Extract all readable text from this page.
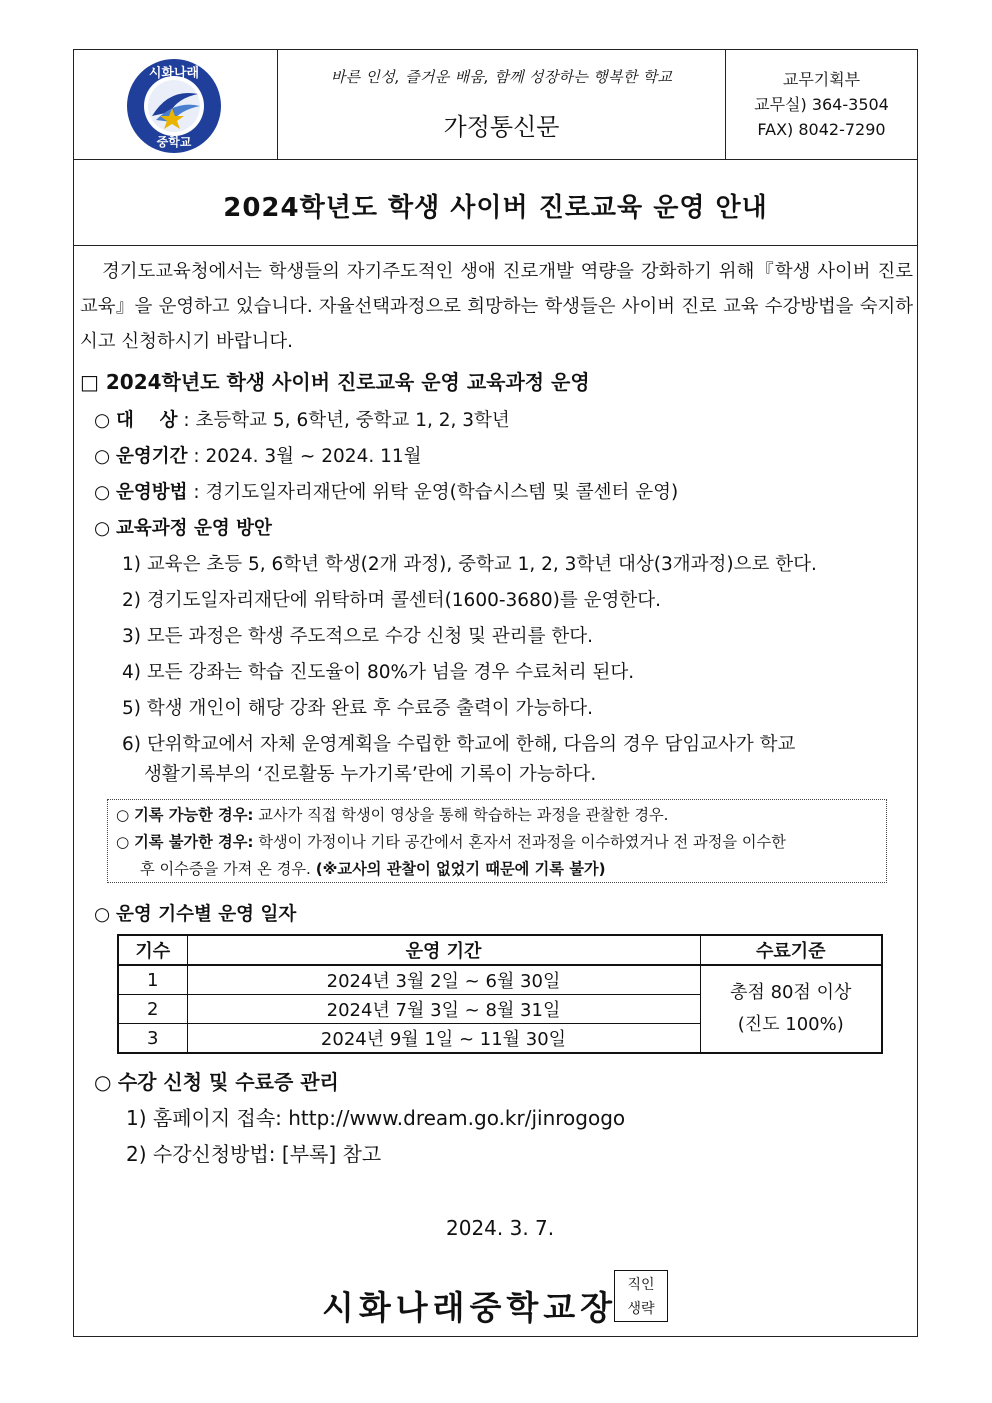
시화나래
중학교
바른 인성, 즐거운 배움, 함께 성장하는 행복한 학교
가정통신문
교무기획부
교무실) 364-3504
FAX) 8042-7290
2024학년도 학생 사이버 진로교육 운영 안내
경기도교육청에서는 학생들의 자기주도적인 생애 진로개발 역량을 강화하기 위해『학생 사이버 진로교육』을 운영하고 있습니다. 자율선택과정으로 희망하는 학생들은 사이버 진로 교육 수강방법을 숙지하시고 신청하시기 바랍니다.
□ 2024학년도 학생 사이버 진로교육 운영 교육과정 운영
○ 대    상 : 초등학교 5, 6학년, 중학교 1, 2, 3학년
○ 운영기간 : 2024. 3월 ~ 2024. 11월
○ 운영방법 : 경기도일자리재단에 위탁 운영(학습시스템 및 콜센터 운영)
○ 교육과정 운영 방안
1) 교육은 초등 5, 6학년 학생(2개 과정), 중학교 1, 2, 3학년 대상(3개과정)으로 한다.
2) 경기도일자리재단에 위탁하며 콜센터(1600-3680)를 운영한다.
3) 모든 과정은 학생 주도적으로 수강 신청 및 관리를 한다.
4) 모든 강좌는 학습 진도율이 80%가 넘을 경우 수료처리 된다.
5) 학생 개인이 해당 강좌 완료 후 수료증 출력이 가능하다.
6) 단위학교에서 자체 운영계획을 수립한 학교에 한해, 다음의 경우 담임교사가 학교
생활기록부의 ‘진로활동 누가기록’란에 기록이 가능하다.
○ 기록 가능한 경우: 교사가 직접 학생이 영상을 통해 학습하는 과정을 관찰한 경우.
○ 기록 불가한 경우: 학생이 가정이나 기타 공간에서 혼자서 전과정을 이수하였거나 전 과정을 이수한
후 이수증을 가져 온 경우. (※교사의 관찰이 없었기 때문에 기록 불가)
○ 운영 기수별 운영 일자
기수	운영 기간	수료기준
1	2024년 3월 2일 ~ 6월 30일	총점 80점 이상
(진도 100%)

2	2024년 7월 3일 ~ 8월 31일	
3	2024년 9월 1일 ~ 11월 30일	
○ 수강 신청 및 수료증 관리
1) 홈페이지 접속: http://www.dream.go.kr/jinrogogo
2) 수강신청방법: [부록] 참고
2024. 3. 7.
시화나래중학교장
직인
생략
